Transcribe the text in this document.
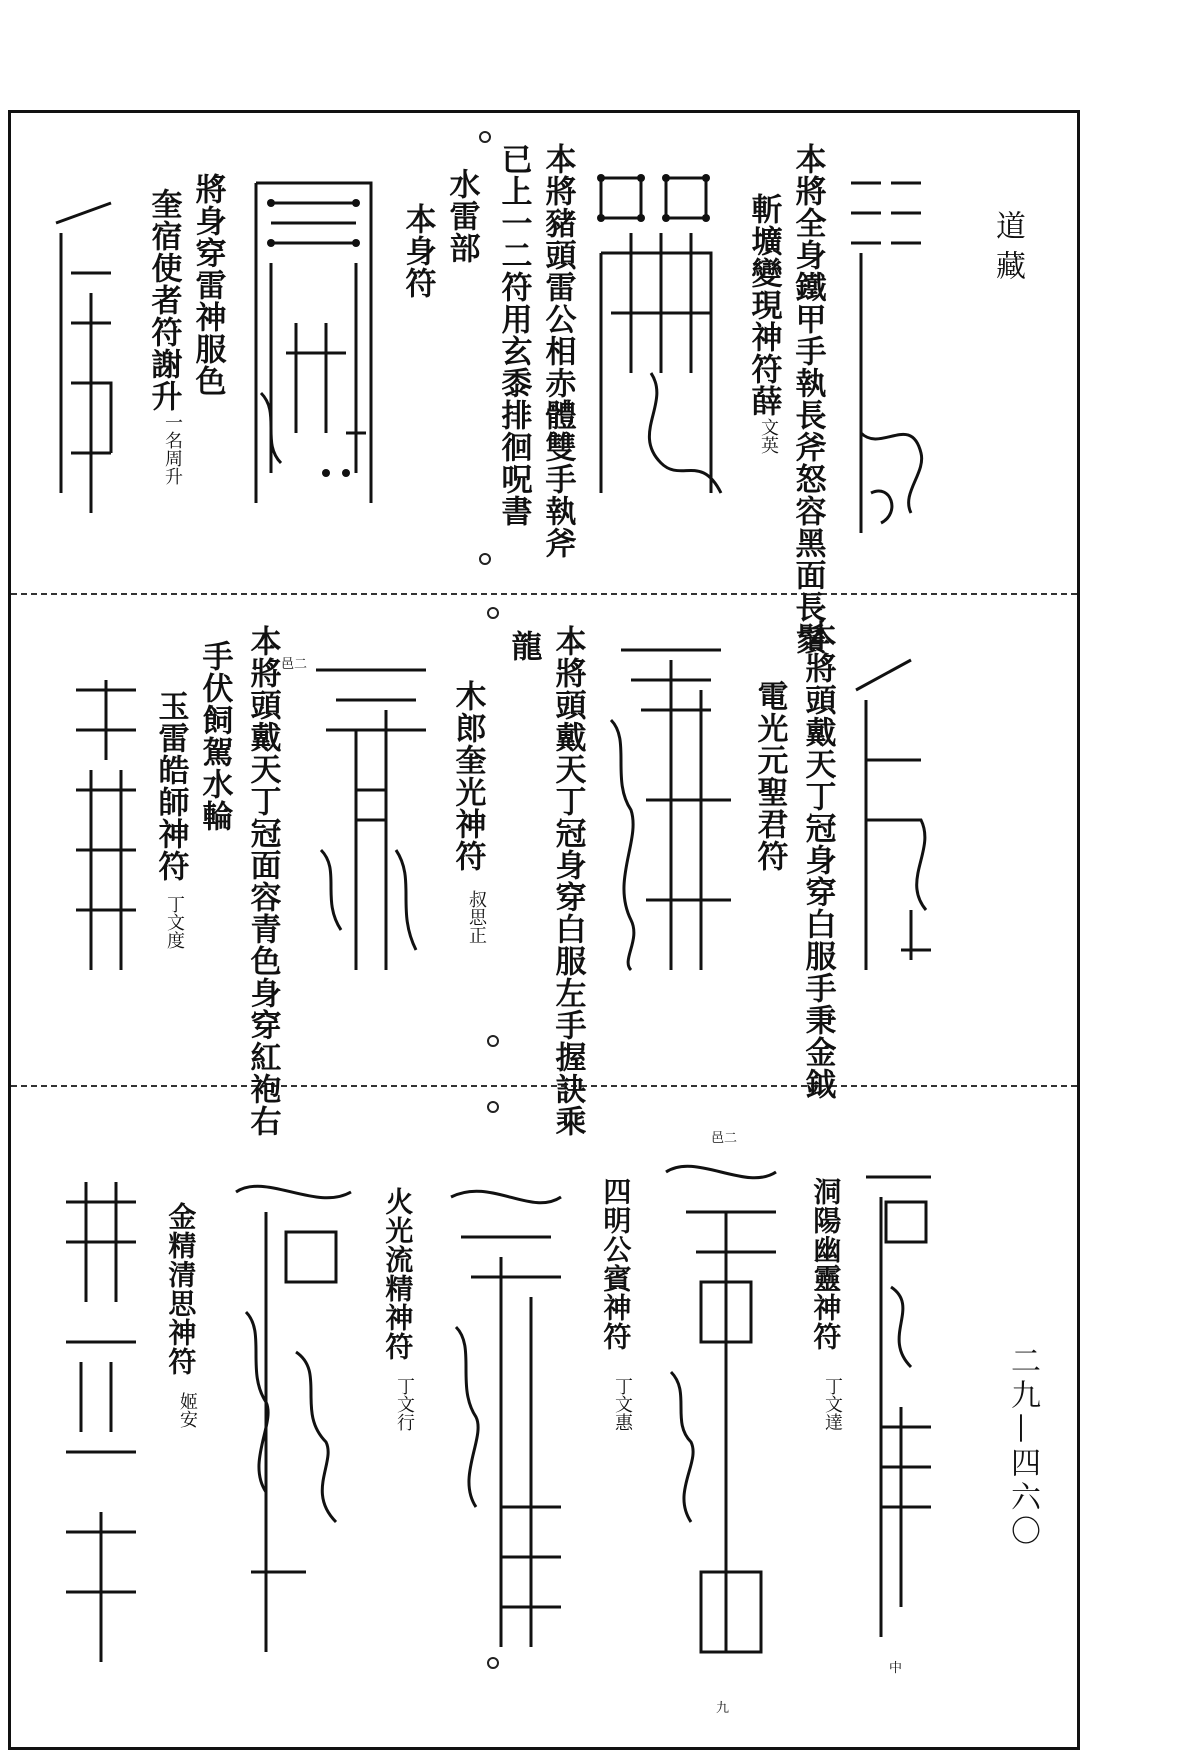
道藏
二九—四六〇
本將全身鐵甲手執長斧怒容黑面長鬚
斬壙變現神符薛
文英
本將豬頭雷公相赤體雙手執斧
已上一二符用玄黍排徊呪書
水雷部
本身符
將身穿雷神服色
奎宿使者符謝升
一名周升
本將頭戴天丁冠身穿白服手秉金鉞
電光元聖君符
本將頭戴天丁冠身穿白服左手握訣乘
龍
木郎奎光神符
叔思正
本將頭戴天丁冠面容青色身穿紅袍右 邑二
手伏飼駕水輪
玉雷皓師神符
丁文度
中
洞陽幽靈神符
丁文達
邑二
九
四明公賓神符
丁文惠
火光流精神符
丁文行
金精清思神符
姬安
